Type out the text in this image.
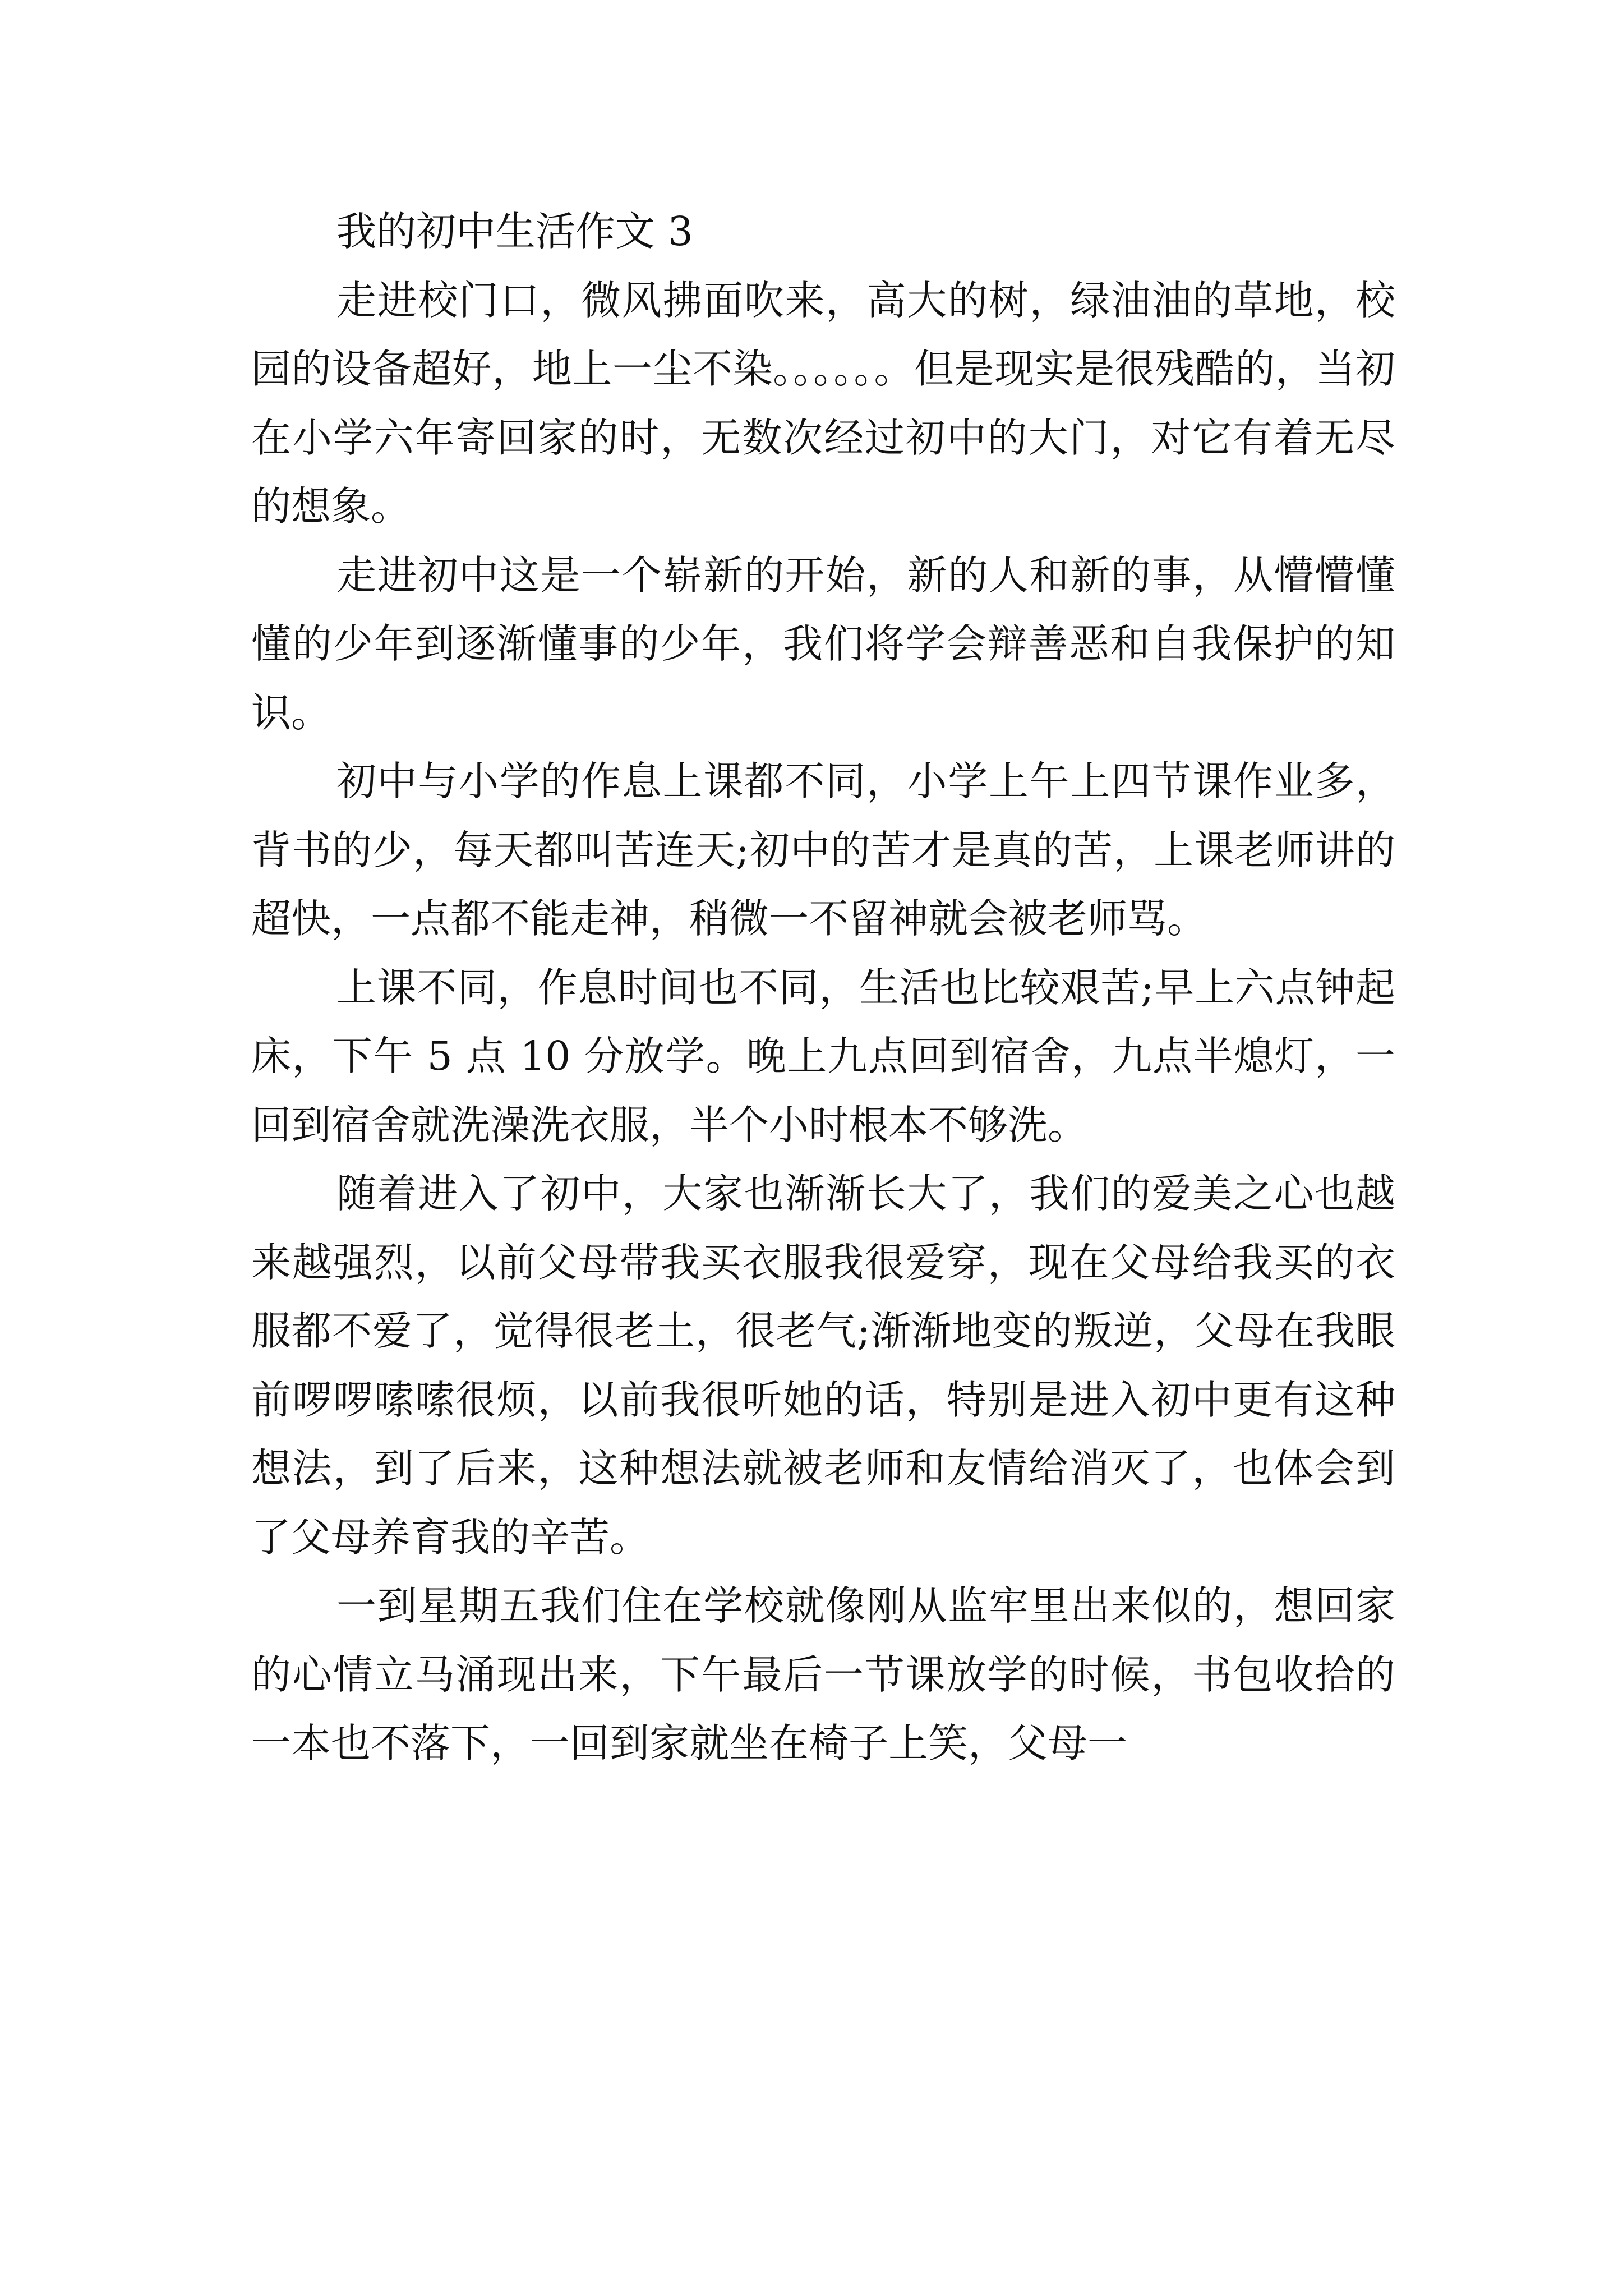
我的初中生活作文 3

走进校门口，微风拂面吹来，高大的树，绿油油的草地，校园的设备超好，地上一尘不染。。。。。。但是现实是很残酷的，当初在小学六年寄回家的时，无数次经过初中的大门，对它有着无尽的想象。

走进初中这是一个崭新的开始，新的人和新的事，从懵懵懂懂的少年到逐渐懂事的少年，我们将学会辩善恶和自我保护的知识。

初中与小学的作息上课都不同，小学上午上四节课作业多，背书的少，每天都叫苦连天;初中的苦才是真的苦，上课老师讲的超快，一点都不能走神，稍微一不留神就会被老师骂。

上课不同，作息时间也不同，生活也比较艰苦;早上六点钟起床，下午 5 点 10 分放学。晚上九点回到宿舍，九点半熄灯，一回到宿舍就洗澡洗衣服，半个小时根本不够洗。

随着进入了初中，大家也渐渐长大了，我们的爱美之心也越来越强烈，以前父母带我买衣服我很爱穿，现在父母给我买的衣服都不爱了，觉得很老土，很老气;渐渐地变的叛逆，父母在我眼前啰啰嗦嗦很烦，以前我很听她的话，特别是进入初中更有这种想法，到了后来，这种想法就被老师和友情给消灭了，也体会到了父母养育我的辛苦。

一到星期五我们住在学校就像刚从监牢里出来似的，想回家的心情立马涌现出来，下午最后一节课放学的时候，书包收拾的一本也不落下，一回到家就坐在椅子上笑，父母一
